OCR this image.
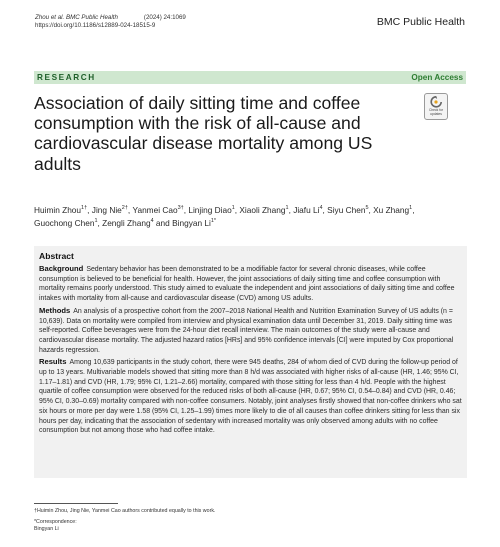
Zhou et al. BMC Public Health	(2024) 24:1069
https://doi.org/10.1186/s12889-024-18515-9	BMC Public Health
RESEARCH	Open Access
Association of daily sitting time and coffee consumption with the risk of all-cause and cardiovascular disease mortality among US adults
Check for
updates
Huimin Zhou$^{1\dagger}$, Jing Nie$^{2\dagger}$, Yanmei Cao$^{3\dagger}$, Linjing Diao$^1$, Xiaoli Zhang$^1$, Jiafu Li$^4$, Siyu Chen$^5$, Xu Zhang$^1$, Guochong Chen$^1$, Zengli Zhang$^4$ and Bingyan $Li^{1*}$
Abstract

Background Sedentary behavior has been demonstrated to be a modifiable factor for several chronic diseases, while coffee consumption is believed to be beneficial for health. However, the joint associations of daily sitting time and coffee consumption with mortality remains poorly understood. This study aimed to evaluate the independent and joint associations of daily sitting time and coffee intakes with mortality from all-cause and cardiovascular disease (CVD) among US adults.

Methods An analysis of a prospective cohort from the 2007–2018 National Health and Nutrition Examination Survey of US adults (n = 10,639). Data on mortality were compiled from interview and physical examination data until December 31, 2019. Daily sitting time was self-reported. Coffee beverages were from the 24-hour diet recall interview. The main outcomes of the study were all-cause and cardiovascular disease mortality. The adjusted hazard ratios [HRs] and 95% confidence intervals [CI] were imputed by Cox proportional hazards regression.

Results Among 10,639 participants in the study cohort, there were 945 deaths, 284 of whom died of CVD during the follow-up period of up to 13 years. Multivariable models showed that sitting more than 8 h/d was associated with higher risks of all-cause (HR, 1.46; 95% CI, 1.17–1.81) and CVD (HR, 1.79; 95% CI, 1.21–2.66) mortality, compared with those sitting for less than 4 h/d. People with the highest quartile of coffee consumption were observed for the reduced risks of both all-cause (HR, 0.67; 95% CI, 0.54–0.84) and CVD (HR, 0.46; 95% CI, 0.30–0.69) mortality compared with non-coffee consumers. Notably, joint analyses firstly showed that non-coffee drinkers who sat six hours or more per day were 1.58 (95% CI, 1.25–1.99) times more likely to die of all causes than coffee drinkers sitting for less than six hours per day, indicating that the association of sedentary with increased mortality was only observed among adults with no coffee consumption but not among those who had coffee intake.

†Huimin Zhou, Jing Nie, Yanmei Cao authors contributed equally to this work.
*Correspondence:
Bingyan Li
